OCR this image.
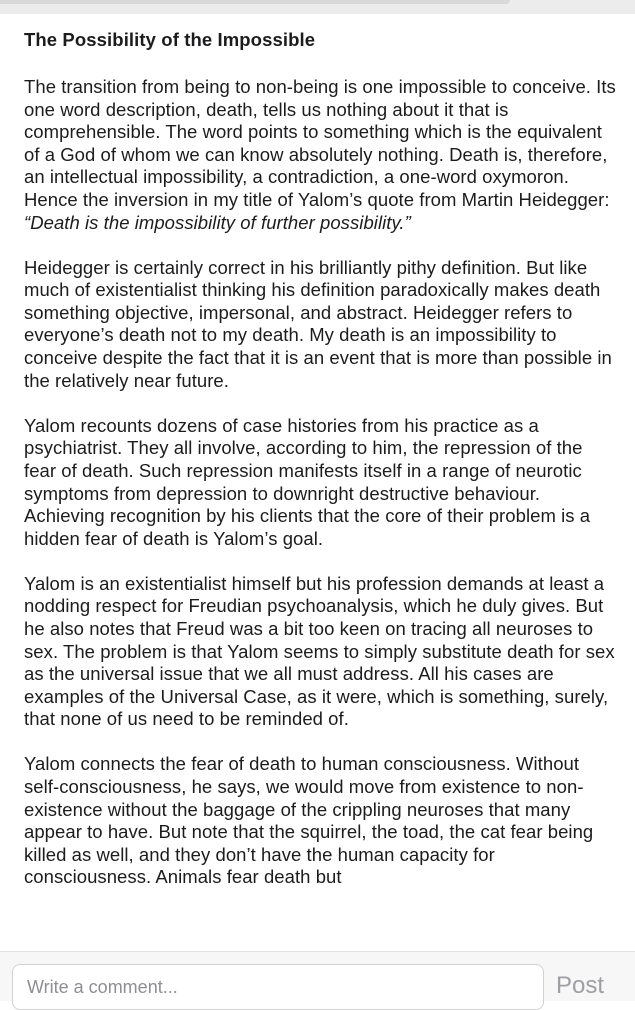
The Possibility of the Impossible

The transition from being to non-being is one impossible to conceive. Its one word description, death, tells us nothing about it that is comprehensible. The word points to something which is the equivalent of a God of whom we can know absolutely nothing. Death is, therefore, an intellectual impossibility, a contradiction, a one-word oxymoron. Hence the inversion in my title of Yalom’s quote from Martin Heidegger: “Death is the impossibility of further possibility.”

Heidegger is certainly correct in his brilliantly pithy definition. But like much of existentialist thinking his definition paradoxically makes death something objective, impersonal, and abstract. Heidegger refers to everyone’s death not to my death. My death is an impossibility to conceive despite the fact that it is an event that is more than possible in the relatively near future.

Yalom recounts dozens of case histories from his practice as a psychiatrist. They all involve, according to him, the repression of the fear of death. Such repression manifests itself in a range of neurotic symptoms from depression to downright destructive behaviour. Achieving recognition by his clients that the core of their problem is a hidden fear of death is Yalom’s goal.

Yalom is an existentialist himself but his profession demands at least a nodding respect for Freudian psychoanalysis, which he duly gives. But he also notes that Freud was a bit too keen on tracing all neuroses to sex. The problem is that Yalom seems to simply substitute death for sex as the universal issue that we all must address. All his cases are examples of the Universal Case, as it were, which is something, surely, that none of us need to be reminded of.

Yalom connects the fear of death to human consciousness. Without self-consciousness, he says, we would move from existence to non-existence without the baggage of the crippling neuroses that many appear to have. But note that the squirrel, the toad, the cat fear being killed as well, and they don’t have the human capacity for consciousness. Animals fear death but

Write a comment...
Post
